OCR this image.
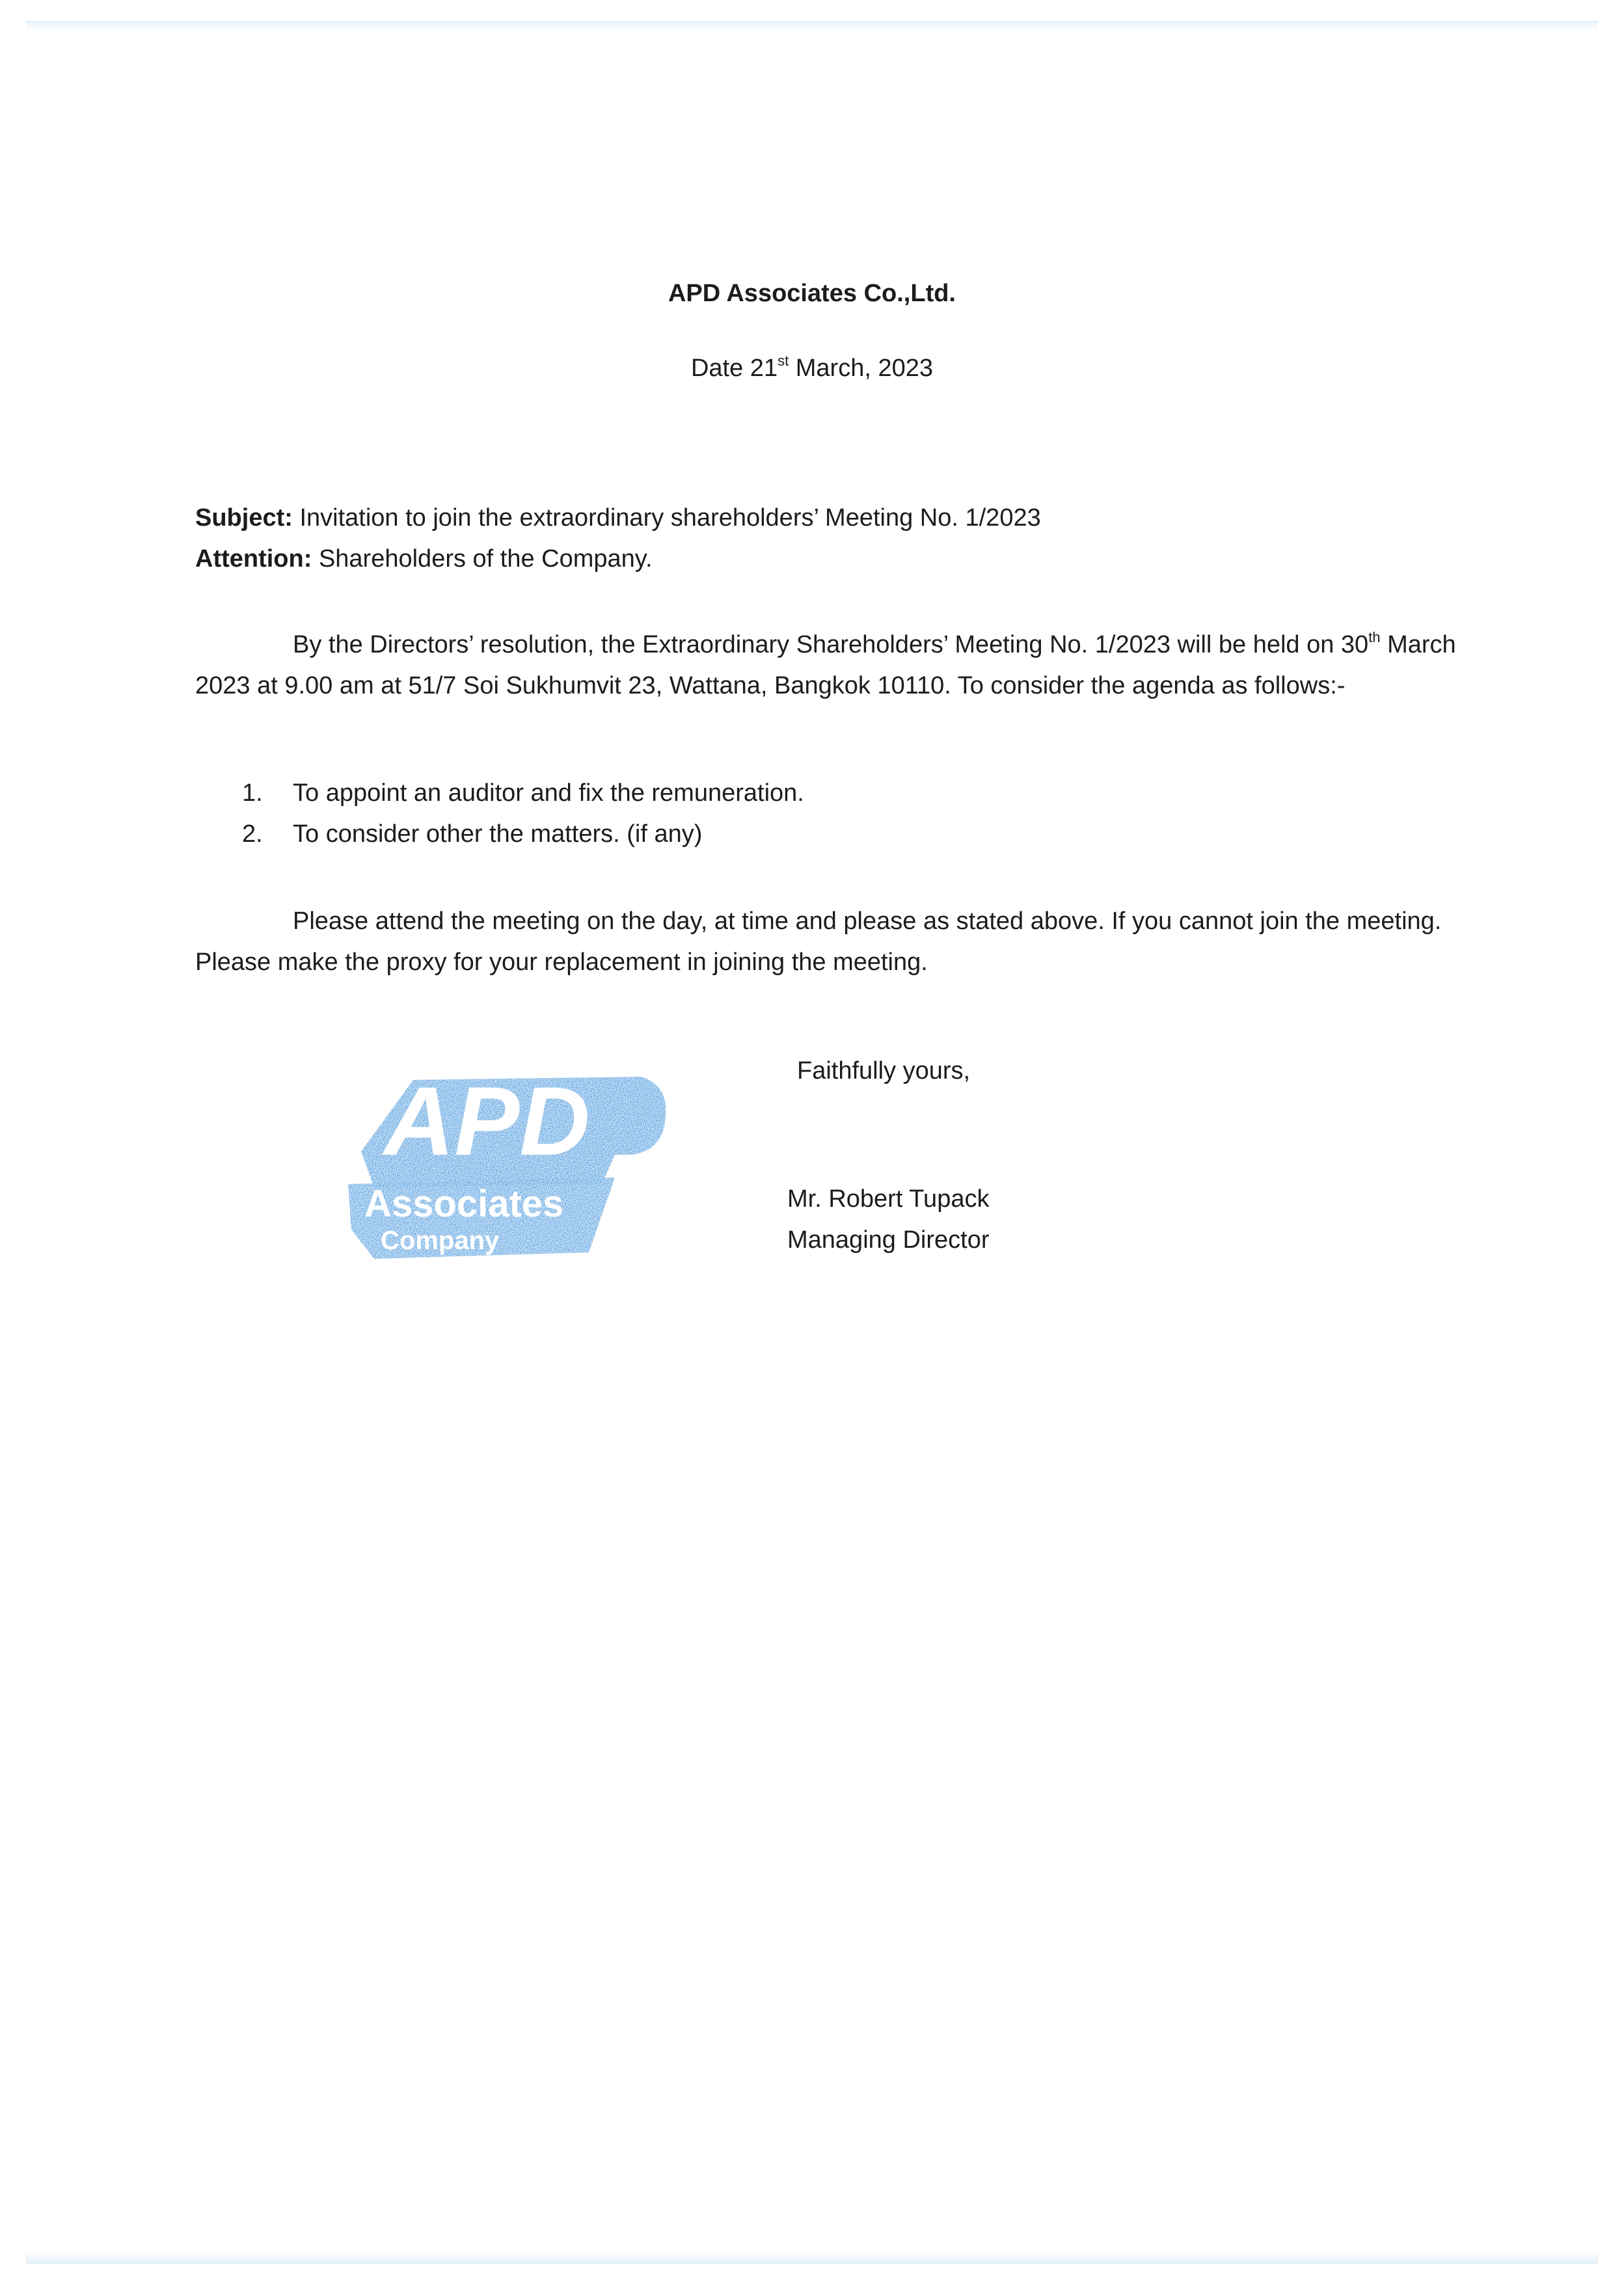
APD Associates Co.,Ltd.
Date 21st March, 2023
Subject: Invitation to join the extraordinary shareholders’ Meeting No. 1/2023
Attention: Shareholders of the Company.
By the Directors’ resolution, the Extraordinary Shareholders’ Meeting No. 1/2023 will be held on 30th March 2023 at 9.00 am at 51/7 Soi Sukhumvit 23, Wattana, Bangkok 10110. To consider the agenda as follows:-
1.	To appoint an auditor and fix the remuneration.
2.	To consider other the matters. (if any)
Please attend the meeting on the day, at time and please as stated above. If you cannot join the meeting. Please make the proxy for your replacement in joining the meeting.
Faithfully yours,
APD
Associates
Company
Mr. Robert Tupack
Managing Director
